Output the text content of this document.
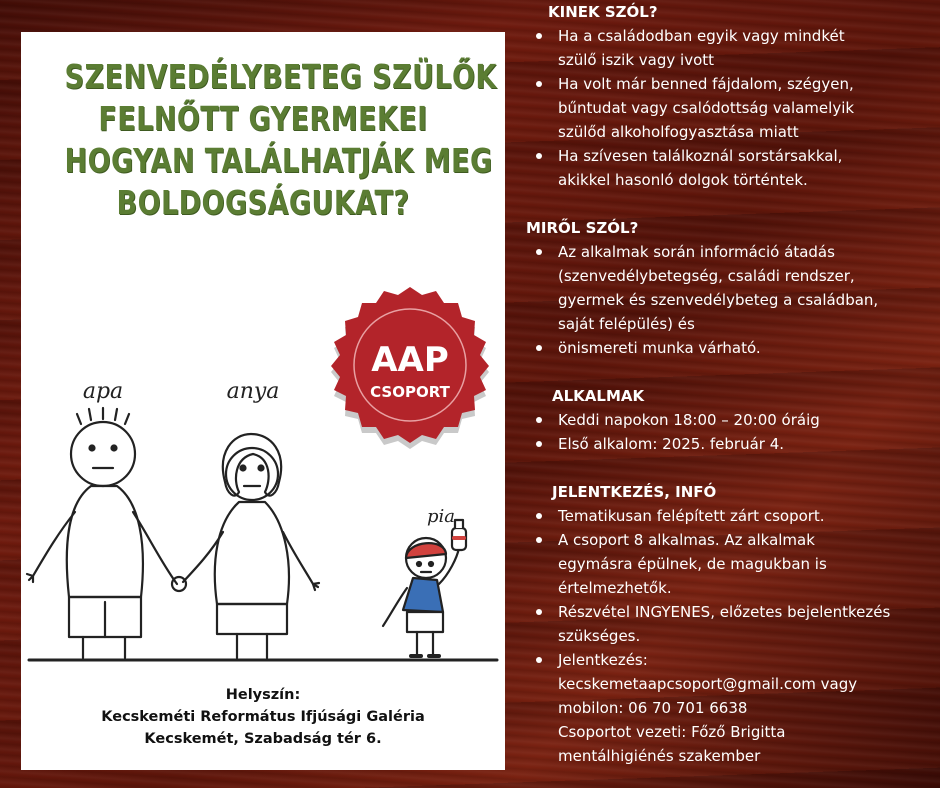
SZENVEDÉLYBETEG SZÜLŐK
FELNŐTT GYERMEKEI
HOGYAN TALÁLHATJÁK MEG
BOLDOGSÁGUKAT?
AAP
CSOPORT
apa	anya
pia
Helyszín:
Kecskeméti Református Ifjúsági Galéria
Kecskemét, Szabadság tér 6.
KINEK SZÓL?
Ha a családodban egyik vagy mindkét
szülő iszik vagy ivott
Ha volt már benned fájdalom, szégyen,
bűntudat vagy csalódottság valamelyik
szülőd alkoholfogyasztása miatt
Ha szívesen találkoznál sorstársakkal,
akikkel hasonló dolgok történtek.
MIRŐL SZÓL?
Az alkalmak során információ átadás
(szenvedélybetegség, családi rendszer,
gyermek és szenvedélybeteg a családban,
saját felépülés) és
önismereti munka várható.
ALKALMAK
Keddi napokon 18:00 – 20:00 óráig
Első alkalom: 2025. február 4.
JELENTKEZÉS, INFÓ
Tematikusan felépített zárt csoport.
A csoport 8 alkalmas. Az alkalmak
egymásra épülnek, de magukban is
értelmezhetők.
Részvétel INGYENES, előzetes bejelentkezés
szükséges.
Jelentkezés:
kecskemetaapcsoport@gmail.com vagy
mobilon: 06 70 701 6638
Csoportot vezeti: Főző Brigitta
mentálhigiénés szakember
